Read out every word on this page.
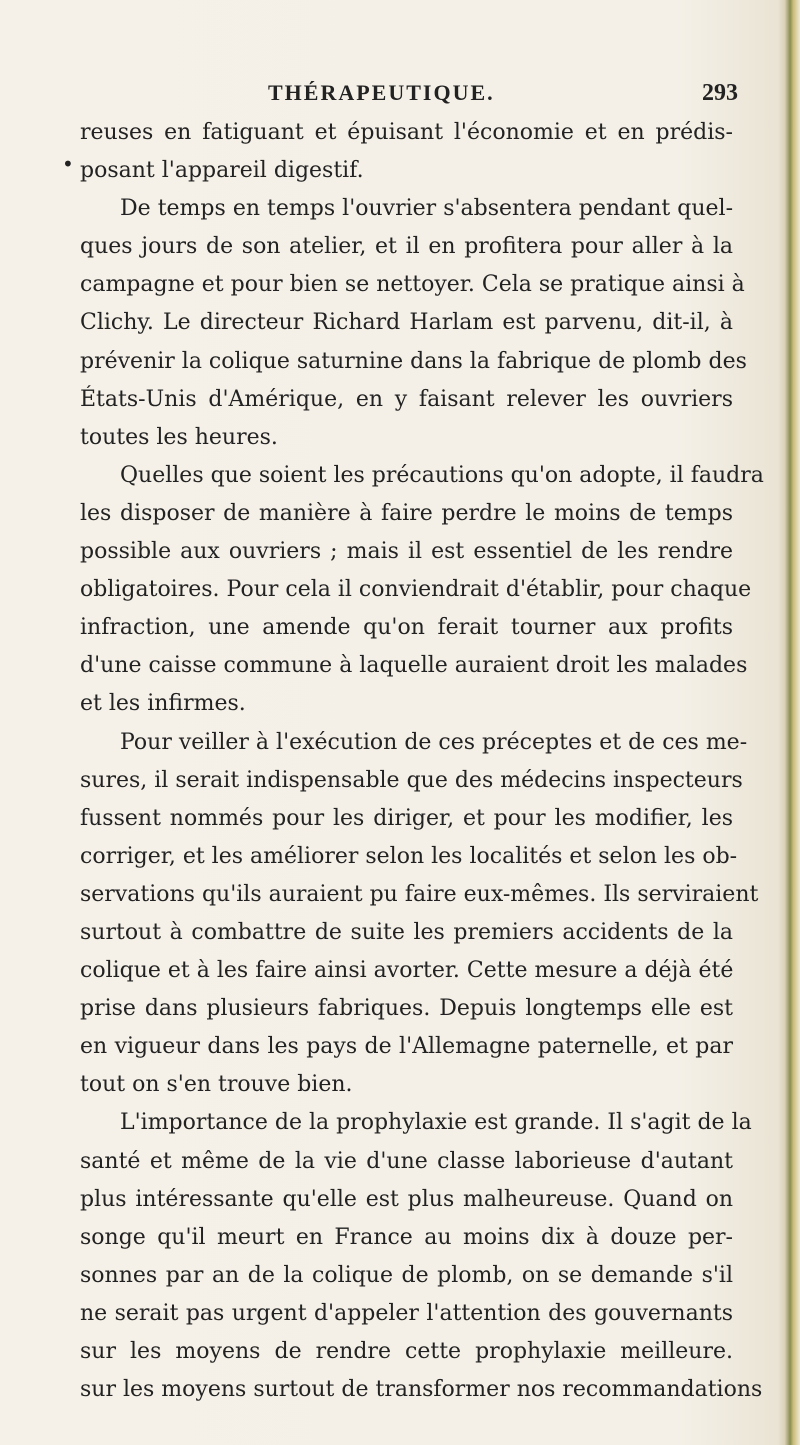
THÉRAPEUTIQUE.	293
•
reuses en fatiguant et épuisant l'économie et en prédis-
posant l'appareil digestif.
De temps en temps l'ouvrier s'absentera pendant quel-
ques jours de son atelier, et il en profitera pour aller à la
campagne et pour bien se nettoyer. Cela se pratique ainsi à
Clichy. Le directeur Richard Harlam est parvenu, dit-il, à
prévenir la colique saturnine dans la fabrique de plomb des
États-Unis d'Amérique, en y faisant relever les ouvriers
toutes les heures.
Quelles que soient les précautions qu'on adopte, il faudra
les disposer de manière à faire perdre le moins de temps
possible aux ouvriers ; mais il est essentiel de les rendre
obligatoires. Pour cela il conviendrait d'établir, pour chaque
infraction, une amende qu'on ferait tourner aux profits
d'une caisse commune à laquelle auraient droit les malades
et les infirmes.
Pour veiller à l'exécution de ces préceptes et de ces me-
sures, il serait indispensable que des médecins inspecteurs
fussent nommés pour les diriger, et pour les modifier, les
corriger, et les améliorer selon les localités et selon les ob-
servations qu'ils auraient pu faire eux-mêmes. Ils serviraient
surtout à combattre de suite les premiers accidents de la
colique et à les faire ainsi avorter. Cette mesure a déjà été
prise dans plusieurs fabriques. Depuis longtemps elle est
en vigueur dans les pays de l'Allemagne paternelle, et par
tout on s'en trouve bien.
L'importance de la prophylaxie est grande. Il s'agit de la
santé et même de la vie d'une classe laborieuse d'autant
plus intéressante qu'elle est plus malheureuse. Quand on
songe qu'il meurt en France au moins dix à douze per-
sonnes par an de la colique de plomb, on se demande s'il
ne serait pas urgent d'appeler l'attention des gouvernants
sur les moyens de rendre cette prophylaxie meilleure.
sur les moyens surtout de transformer nos recommandations
